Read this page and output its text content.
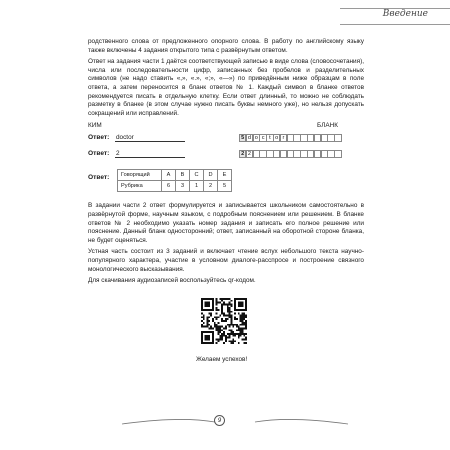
Введение

родственного слова от предложенного опорного слова. В работу по английскому языку также включены 4 задания открытого типа с развёрнутым ответом.

Ответ на задания части 1 даётся соответствующей записью в виде слова (словосочетания), числа или последовательности цифр, записанных без пробелов и разделительных символов (не надо ставить «,», «.», «;», «—») по приведённым ниже образцам в поле ответа, а затем переносится в бланк ответов № 1. Каждый символ в бланке ответов рекомендуется писать в отдельную клетку. Если ответ длинный, то можно не соблюдать разметку в бланке (в этом случае нужно писать буквы немного уже), но нельзя допускать сокращений или исправлений.

КИМ	БЛАНК
Ответ: doctor	5 d o c t o r
Ответ: 2	2 2
Ответ: Говорящий	A	B	C	D	E
Рубрика	6	3	1	2	5

В задании части 2 ответ формулируется и записывается школьником самостоятельно в развёрнутой форме, научным языком, с подробным пояснением или решением. В бланке ответов № 2 необходимо указать номер задания и записать его полное решение или пояснение. Данный бланк односторонний; ответ, записанный на оборотной стороне бланка, не будет оценяться.

Устная часть состоит из 3 заданий и включает чтение вслух небольшого текста научно-популярного характера, участие в условном диалоге-расспросе и построение связного монологического высказывания.

Для скачивания аудиозаписей воспользуйтесь qr-кодом.

Желаем успехов!
9
